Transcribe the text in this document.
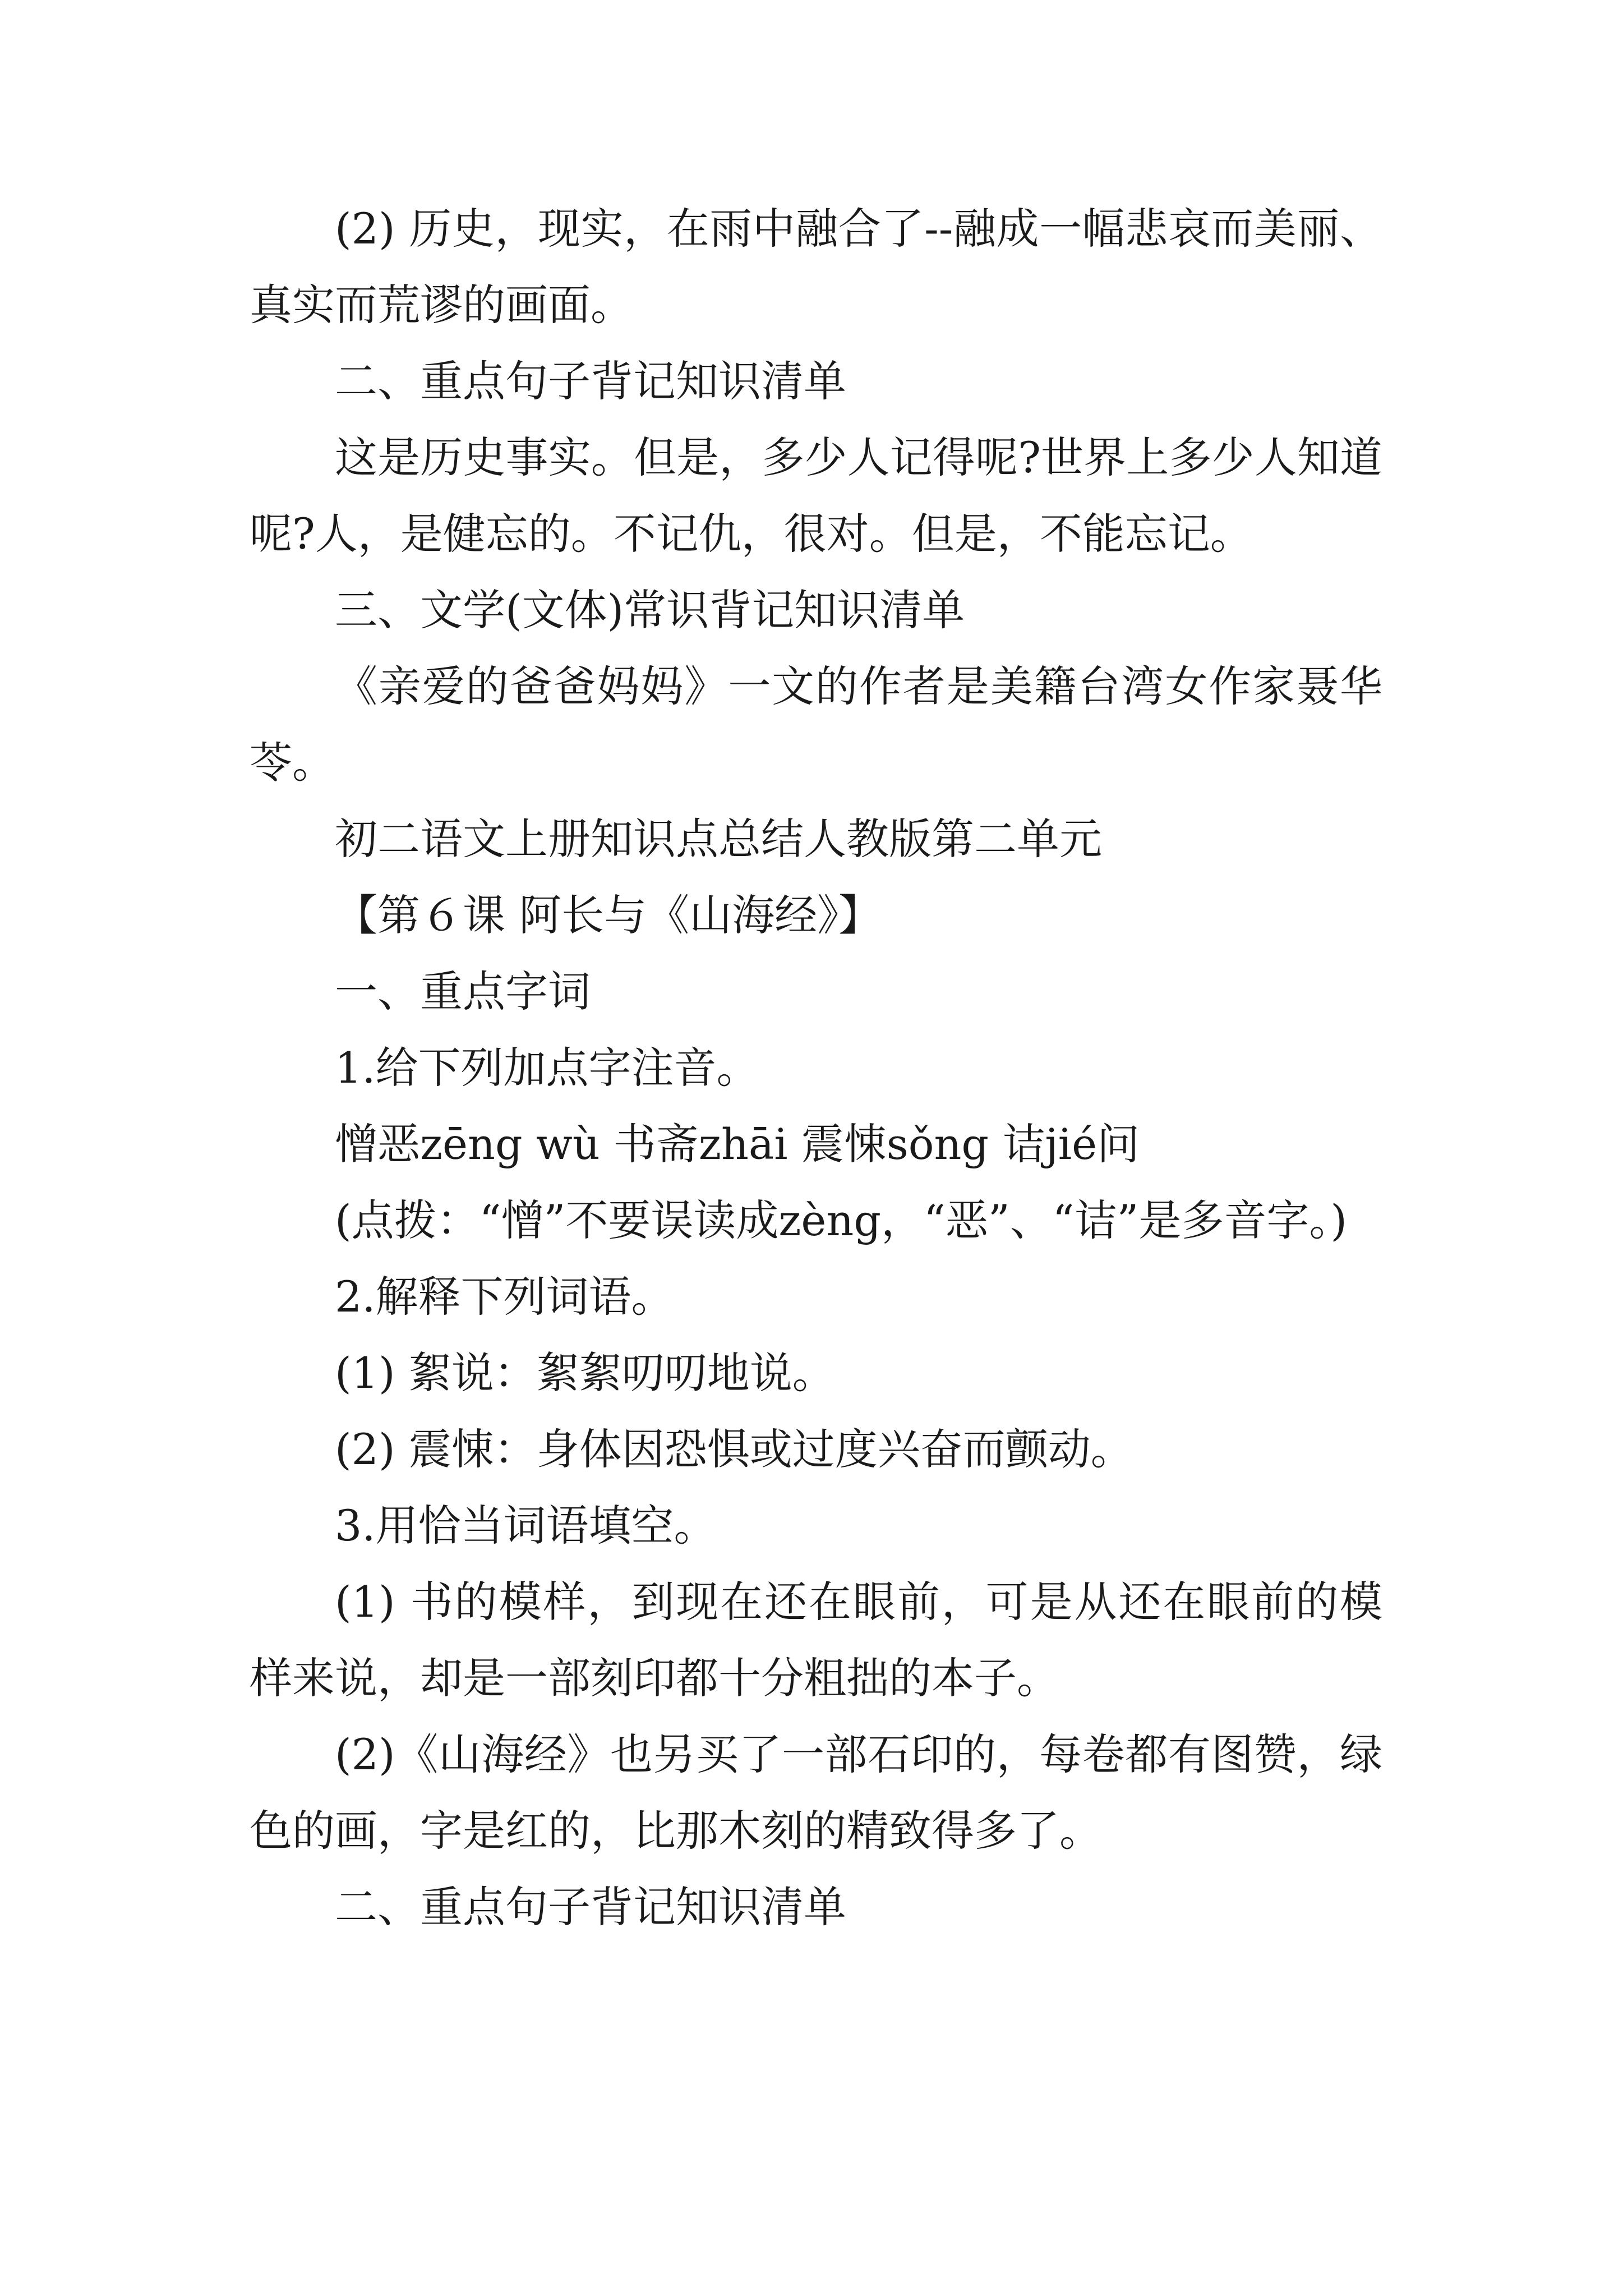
(2) 历史，现实，在雨中融合了--融成一幅悲哀而美丽、真实而荒谬的画面。

二、重点句子背记知识清单

这是历史事实。但是，多少人记得呢?世界上多少人知道呢?人，是健忘的。不记仇，很对。但是，不能忘记。

三、文学(文体)常识背记知识清单

《亲爱的爸爸妈妈》一文的作者是美籍台湾女作家聂华苓。

初二语文上册知识点总结人教版第二单元

【第６课 阿长与《山海经》】

一、重点字词

1.给下列加点字注音。

憎恶zēng wù 书斋zhāi 震悚sǒng 诘jié问

(点拨：“憎”不要误读成zèng，“恶”、“诘”是多音字。)

2.解释下列词语。

(1) 絮说：絮絮叨叨地说。

(2) 震悚：身体因恐惧或过度兴奋而颤动。

3.用恰当词语填空。

(1) 书的模样，到现在还在眼前，可是从还在眼前的模样来说，却是一部刻印都十分粗拙的本子。

(2)《山海经》也另买了一部石印的，每卷都有图赞，绿色的画，字是红的，比那木刻的精致得多了。

二、重点句子背记知识清单
